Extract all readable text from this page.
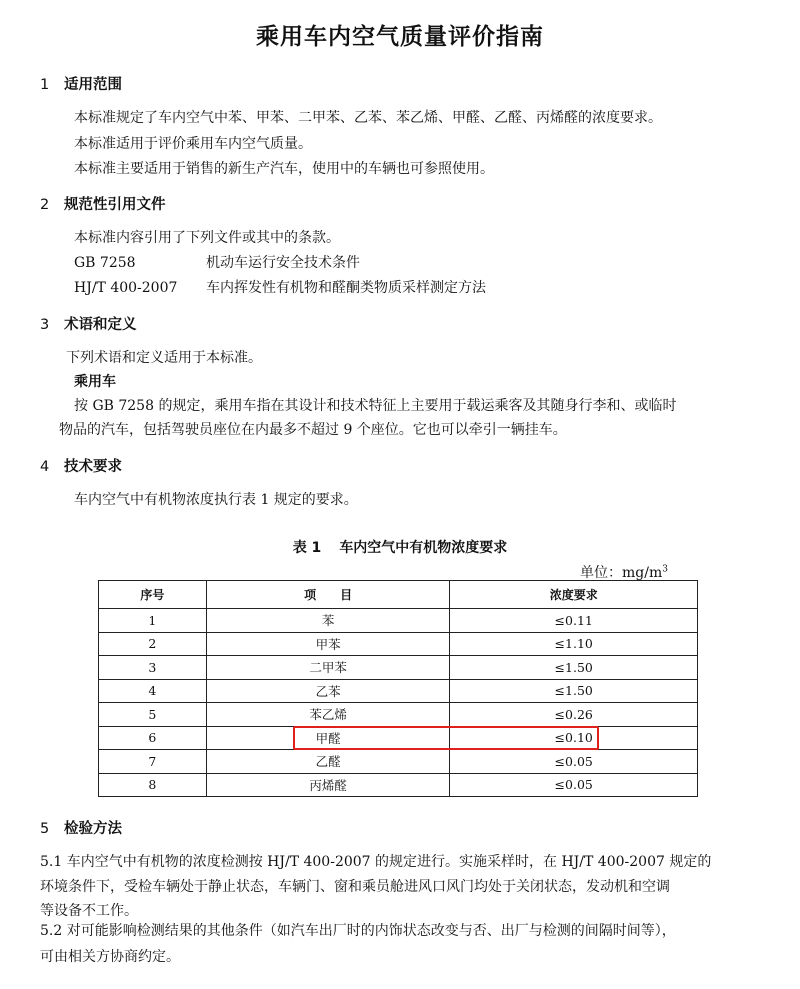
乘用车内空气质量评价指南
1 适用范围
本标准规定了车内空气中苯、甲苯、二甲苯、乙苯、苯乙烯、甲醛、乙醛、丙烯醛的浓度要求。
本标准适用于评价乘用车内空气质量。
本标准主要适用于销售的新生产汽车，使用中的车辆也可参照使用。
2 规范性引用文件
本标准内容引用了下列文件或其中的条款。
GB 7258	机动车运行安全技术条件
HJ/T 400-2007 车内挥发性有机物和醛酮类物质采样测定方法
3 术语和定义
下列术语和定义适用于本标准。
乘用车
按 GB 7258 的规定，乘用车指在其设计和技术特征上主要用于载运乘客及其随身行李和、或临时
物品的汽车，包括驾驶员座位在内最多不超过 9 个座位。它也可以牵引一辆挂车。
4 技术要求
车内空气中有机物浓度执行表 1 规定的要求。
表 1 车内空气中有机物浓度要求
单位：$mg/m^3$
序号	项　　目	浓度要求
1	苯	≤0.11
2	甲苯	≤1.10
3	二甲苯	≤1.50
4	乙苯	≤1.50
5	苯乙烯	≤0.26
6	甲醛	≤0.10
7	乙醛	≤0.05
8	丙烯醛	≤0.05
5 检验方法
5.1 车内空气中有机物的浓度检测按 HJ/T 400-2007 的规定进行。实施采样时，在 HJ/T 400-2007 规定的
环境条件下，受检车辆处于静止状态，车辆门、窗和乘员舱进风口风门均处于关闭状态，发动机和空调
等设备不工作。
5.2 对可能影响检测结果的其他条件（如汽车出厂时的内饰状态改变与否、出厂与检测的间隔时间等），
可由相关方协商约定。
